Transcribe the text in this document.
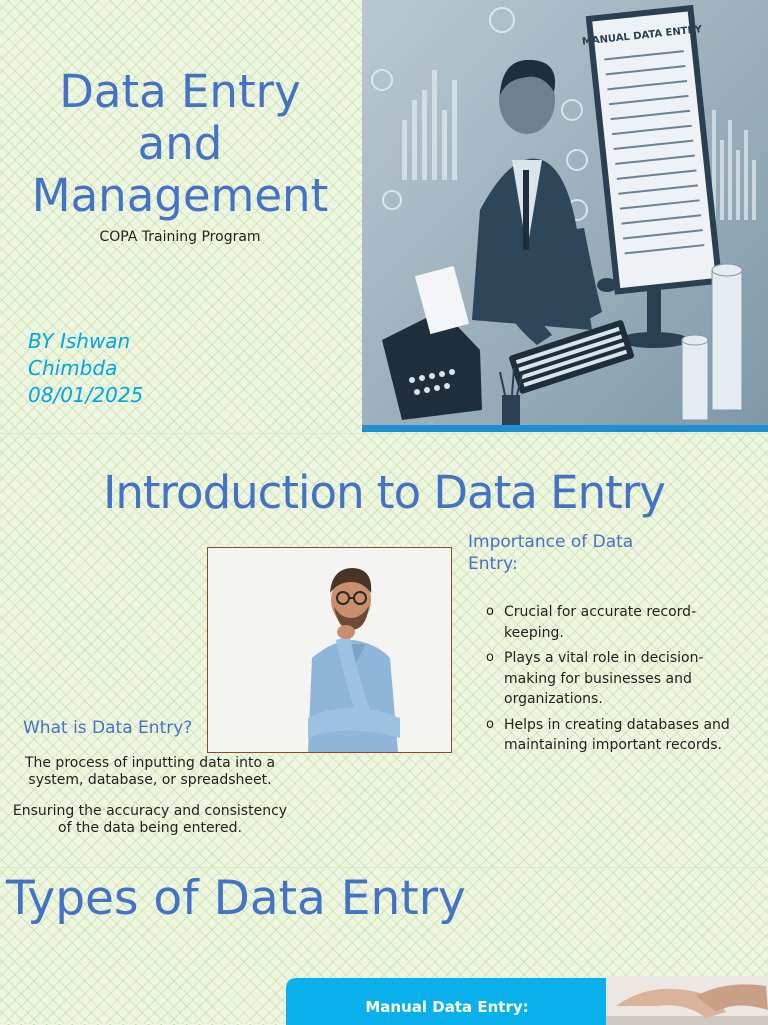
Data Entry
and
Management

COPA Training Program

BY Ishwan
Chimbda
08/01/2025

MANUAL DATA ENTRY
Introduction to Data Entry
Importance of Data
Entry:
o Crucial for accurate record-keeping.
o Plays a vital role in decision-making for businesses and organizations.
o Helps in creating databases and maintaining important records.
What is Data Entry?

The process of inputting data into a system, database, or spreadsheet.

Ensuring the accuracy and consistency of the data being entered.

Types of Data Entry
Manual Data Entry:
